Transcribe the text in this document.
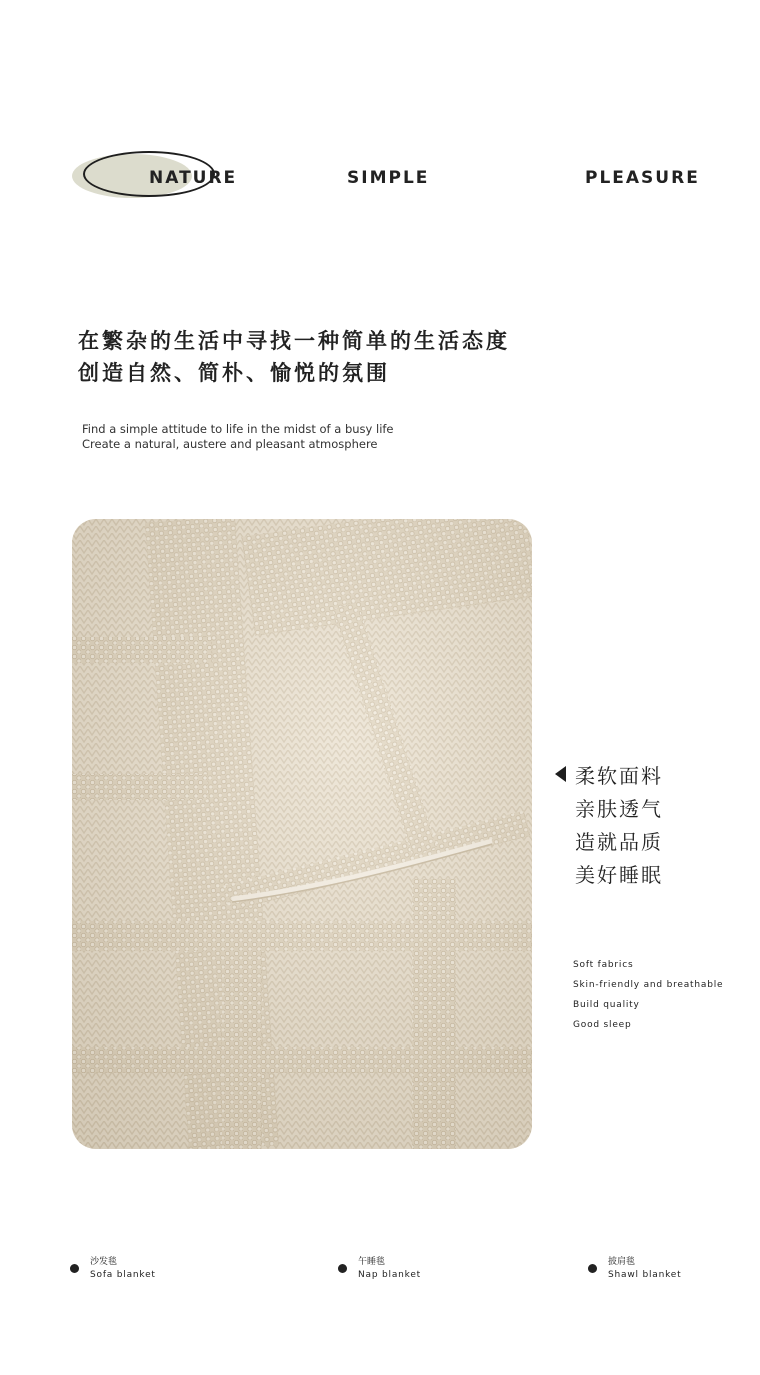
NATURE	SIMPLE	PLEASURE
在繁杂的生活中寻找一种简单的生活态度
创造自然、简朴、愉悦的氛围
Find a simple attitude to life in the midst of a busy life
Create a natural, austere and pleasant atmosphere
柔软面料
亲肤透气
造就品质
美好睡眠
Soft fabrics
Skin-friendly and breathable
Build quality
Good sleep
沙发毯
Sofa blanket
午睡毯
Nap blanket
披肩毯
Shawl blanket
